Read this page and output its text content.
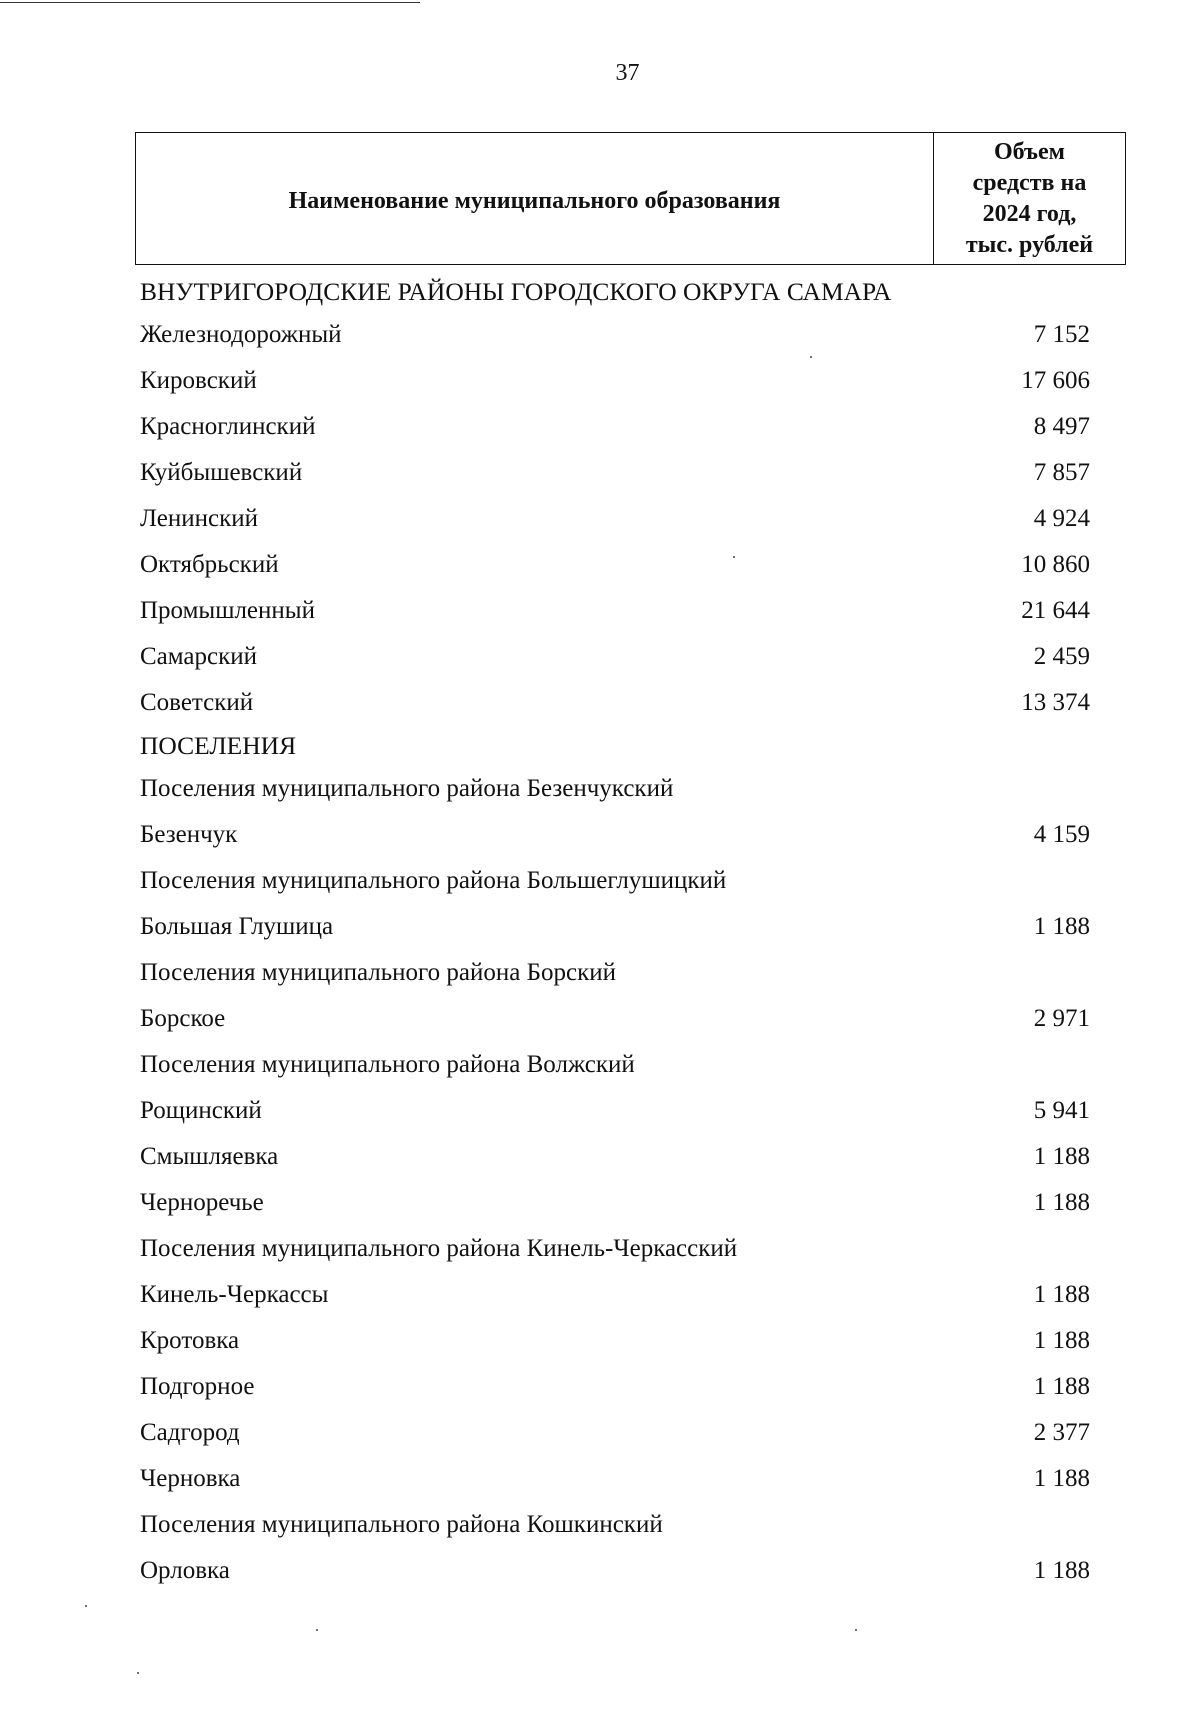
37
Наименование муниципального образования
Объем
средств на
2024 год,
тыс. рублей
ВНУТРИГОРОДСКИЕ РАЙОНЫ ГОРОДСКОГО ОКРУГА САМАРА
Железнодорожный	7 152
Кировский	17 606
Красноглинский	8 497
Куйбышевский	7 857
Ленинский	4 924
Октябрьский	10 860
Промышленный	21 644
Самарский	2 459
Советский	13 374
ПОСЕЛЕНИЯ
Поселения муниципального района Безенчукский
Безенчук	4 159
Поселения муниципального района Большеглушицкий
Большая Глушица	1 188
Поселения муниципального района Борский
Борское	2 971
Поселения муниципального района Волжский
Рощинский	5 941
Смышляевка	1 188
Черноречье	1 188
Поселения муниципального района Кинель-Черкасский
Кинель-Черкассы	1 188
Кротовка	1 188
Подгорное	1 188
Садгород	2 377
Черновка	1 188
Поселения муниципального района Кошкинский
Орловка	1 188
